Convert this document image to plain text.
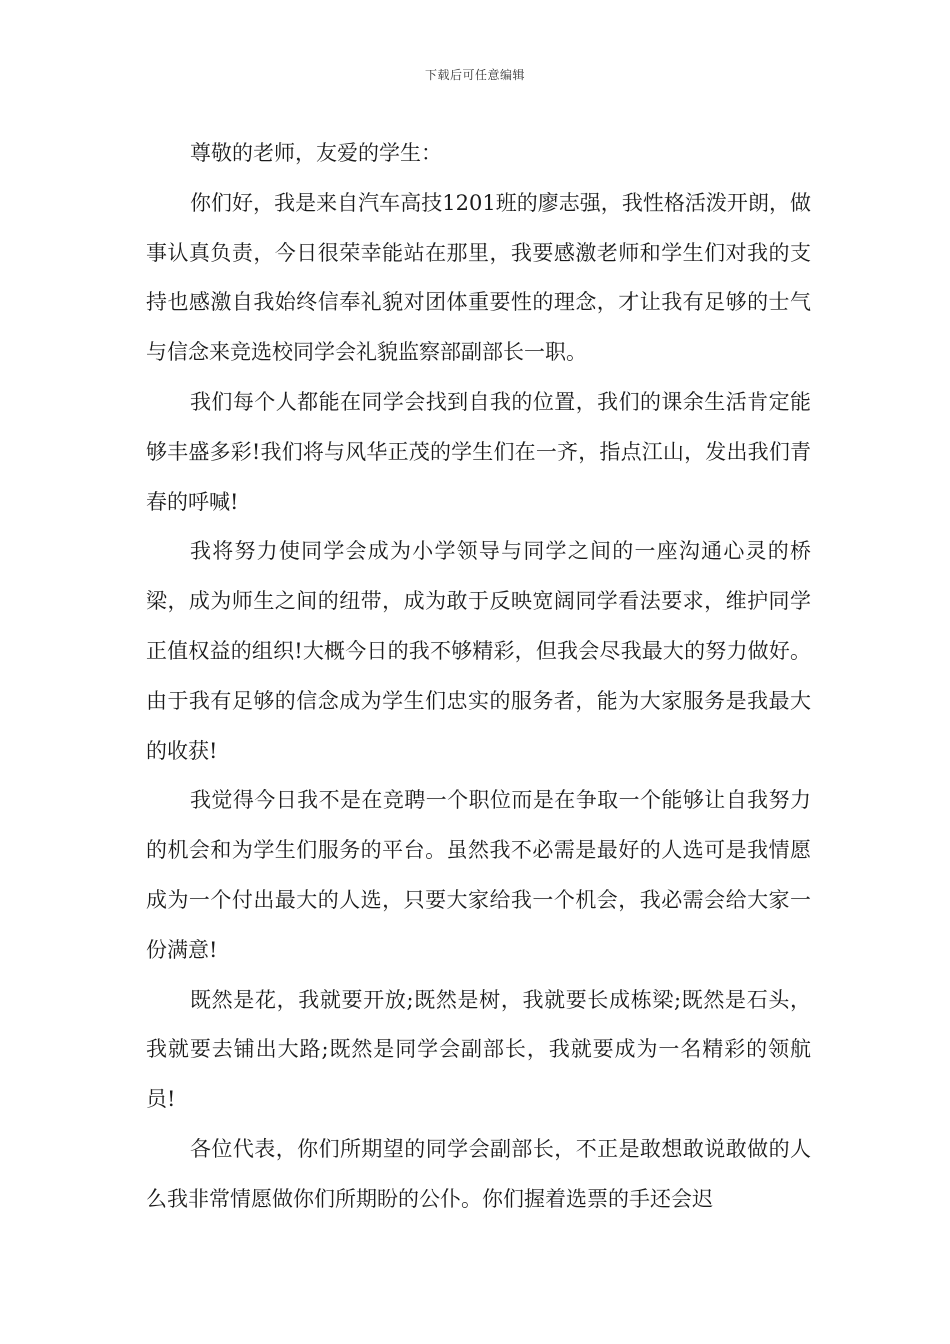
下载后可任意编辑

尊敬的老师，友爱的学生：

你们好，我是来自汽车高技1201班的廖志强，我性格活泼开朗，做事认真负责，今日很荣幸能站在那里，我要感激老师和学生们对我的支持也感激自我始终信奉礼貌对团体重要性的理念，才让我有足够的士气与信念来竞选校同学会礼貌监察部副部长一职。

我们每个人都能在同学会找到自我的位置，我们的课余生活肯定能够丰盛多彩!我们将与风华正茂的学生们在一齐，指点江山，发出我们青春的呼喊!

我将努力使同学会成为小学领导与同学之间的一座沟通心灵的桥梁，成为师生之间的纽带，成为敢于反映宽阔同学看法要求，维护同学正值权益的组织!大概今日的我不够精彩，但我会尽我最大的努力做好。由于我有足够的信念成为学生们忠实的服务者，能为大家服务是我最大的收获!

我觉得今日我不是在竞聘一个职位而是在争取一个能够让自我努力的机会和为学生们服务的平台。虽然我不必需是最好的人选可是我情愿成为一个付出最大的人选，只要大家给我一个机会，我必需会给大家一份满意!

既然是花，我就要开放;既然是树，我就要长成栋梁;既然是石头，我就要去铺出大路;既然是同学会副部长，我就要成为一名精彩的领航员!

各位代表，你们所期望的同学会副部长，不正是敢想敢说敢做的人么我非常情愿做你们所期盼的公仆。你们握着选票的手还会迟
